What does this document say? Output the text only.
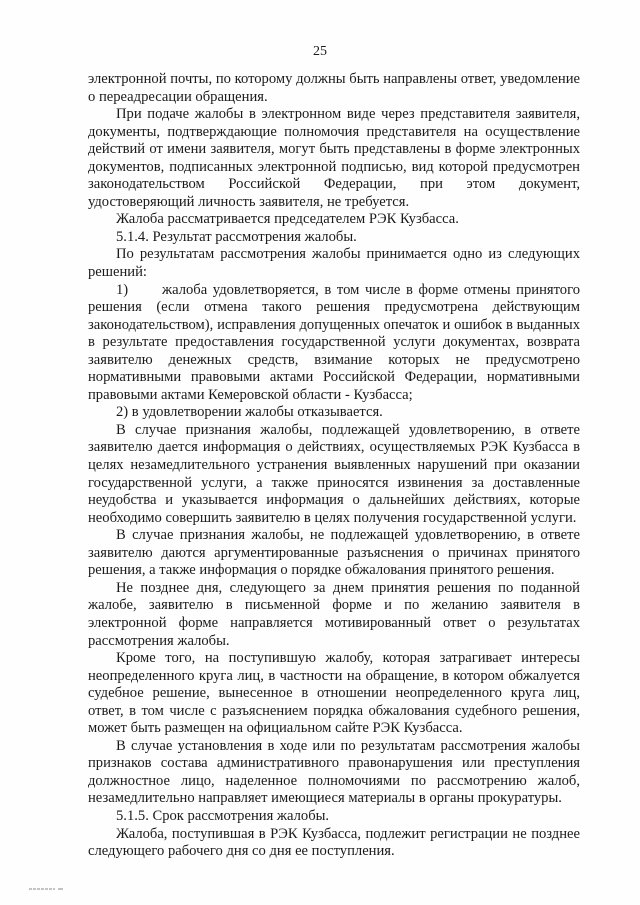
25

электронной почты, по которому должны быть направлены ответ, уведомление о переадресации обращения.

При подаче жалобы в электронном виде через представителя заявителя, документы, подтверждающие полномочия представителя на осуществление действий от имени заявителя, могут быть представлены в форме электронных документов, подписанных электронной подписью, вид которой предусмотрен законодательством Российской Федерации, при этом документ, удостоверяющий личность заявителя, не требуется.

Жалоба рассматривается председателем РЭК Кузбасса.

5.1.4. Результат рассмотрения жалобы.

По результатам рассмотрения жалобы принимается одно из следующих решений:

1)      жалоба удовлетворяется, в том числе в форме отмены принятого решения (если отмена такого решения предусмотрена действующим законодательством), исправления допущенных опечаток и ошибок в выданных в результате предоставления государственной услуги документах, возврата заявителю денежных средств, взимание которых не предусмотрено нормативными правовыми актами Российской Федерации, нормативными правовыми актами Кемеровской области - Кузбасса;

2) в удовлетворении жалобы отказывается.

В случае признания жалобы, подлежащей удовлетворению, в ответе заявителю дается информация о действиях, осуществляемых РЭК Кузбасса в целях незамедлительного устранения выявленных нарушений при оказании государственной услуги, а также приносятся извинения за доставленные неудобства и указывается информация о дальнейших действиях, которые необходимо совершить заявителю в целях получения государственной услуги.

В случае признания жалобы, не подлежащей удовлетворению, в ответе заявителю даются аргументированные разъяснения о причинах принятого решения, а также информация о порядке обжалования принятого решения.

Не позднее дня, следующего за днем принятия решения по поданной жалобе, заявителю в письменной форме и по желанию заявителя в электронной форме направляется мотивированный ответ о результатах рассмотрения жалобы.

Кроме того, на поступившую жалобу, которая затрагивает интересы неопределенного круга лиц, в частности на обращение, в котором обжалуется судебное решение, вынесенное в отношении неопределенного круга лиц, ответ, в том числе с разъяснением порядка обжалования судебного решения, может быть размещен на официальном сайте РЭК Кузбасса.

В случае установления в ходе или по результатам рассмотрения жалобы признаков состава административного правонарушения или преступления должностное лицо, наделенное полномочиями по рассмотрению жалоб, незамедлительно направляет имеющиеся материалы в органы прокуратуры.

5.1.5. Срок рассмотрения жалобы.

Жалоба, поступившая в РЭК Кузбасса, подлежит регистрации не позднее следующего рабочего дня со дня ее поступления.
